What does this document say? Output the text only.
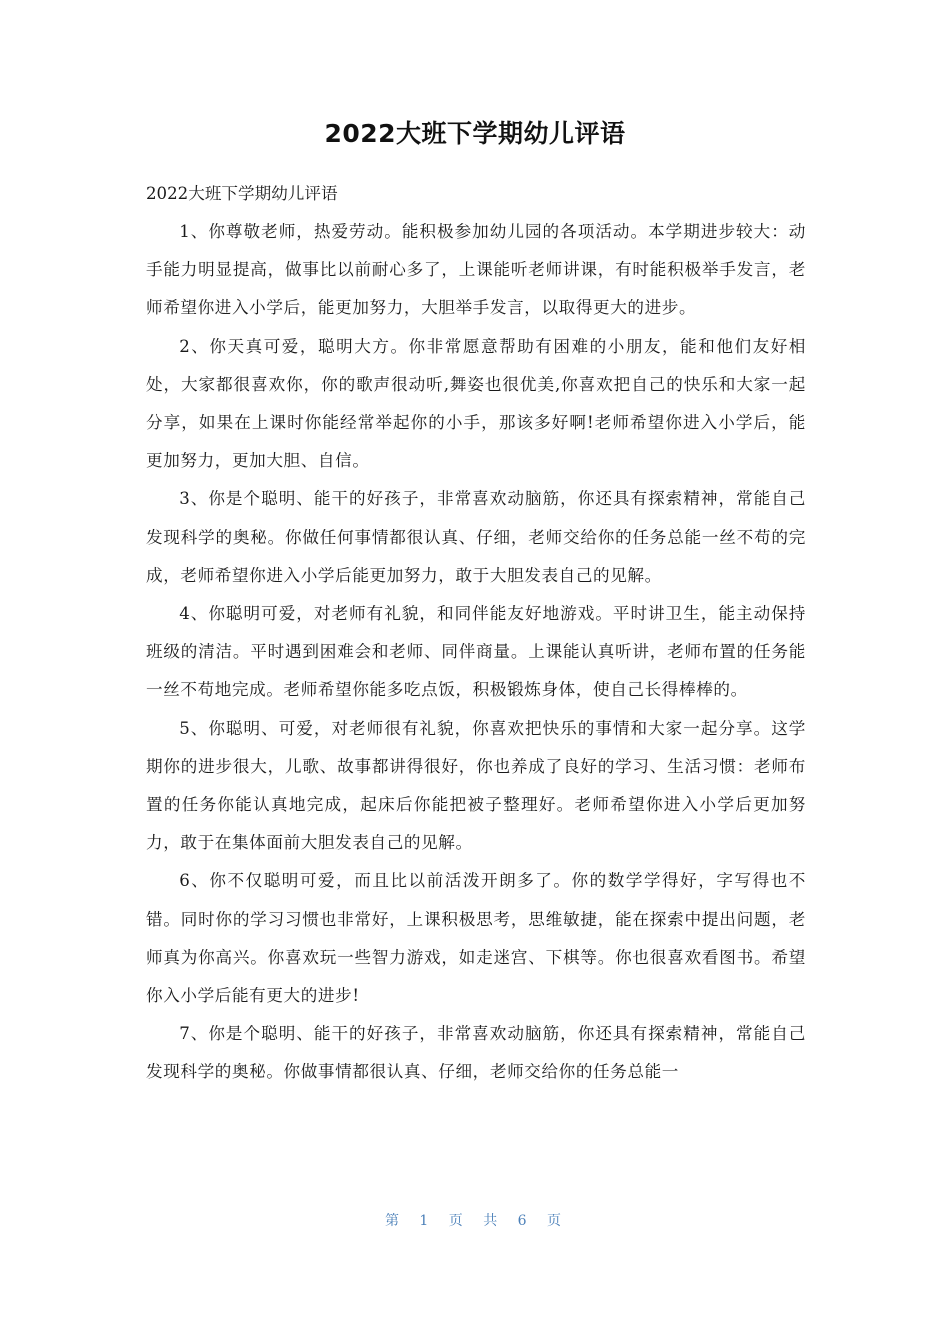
2022大班下学期幼儿评语

2022大班下学期幼儿评语

1、你尊敬老师，热爱劳动。能积极参加幼儿园的各项活动。本学期进步较大：动手能力明显提高，做事比以前耐心多了，上课能听老师讲课，有时能积极举手发言，老师希望你进入小学后，能更加努力，大胆举手发言，以取得更大的进步。

2、你天真可爱，聪明大方。你非常愿意帮助有困难的小朋友，能和他们友好相处，大家都很喜欢你，你的歌声很动听,舞姿也很优美,你喜欢把自己的快乐和大家一起分享，如果在上课时你能经常举起你的小手，那该多好啊!老师希望你进入小学后，能更加努力，更加大胆、自信。

3、你是个聪明、能干的好孩子，非常喜欢动脑筋，你还具有探索精神，常能自己发现科学的奥秘。你做任何事情都很认真、仔细，老师交给你的任务总能一丝不苟的完成，老师希望你进入小学后能更加努力，敢于大胆发表自己的见解。

4、你聪明可爱，对老师有礼貌，和同伴能友好地游戏。平时讲卫生，能主动保持班级的清洁。平时遇到困难会和老师、同伴商量。上课能认真听讲，老师布置的任务能一丝不苟地完成。老师希望你能多吃点饭，积极锻炼身体，使自己长得棒棒的。

5、你聪明、可爱，对老师很有礼貌，你喜欢把快乐的事情和大家一起分享。这学期你的进步很大，儿歌、故事都讲得很好，你也养成了良好的学习、生活习惯：老师布置的任务你能认真地完成，起床后你能把被子整理好。老师希望你进入小学后更加努力，敢于在集体面前大胆发表自己的见解。

6、你不仅聪明可爱，而且比以前活泼开朗多了。你的数学学得好，字写得也不错。同时你的学习习惯也非常好，上课积极思考，思维敏捷，能在探索中提出问题，老师真为你高兴。你喜欢玩一些智力游戏，如走迷宫、下棋等。你也很喜欢看图书。希望你入小学后能有更大的进步!

7、你是个聪明、能干的好孩子，非常喜欢动脑筋，你还具有探索精神，常能自己发现科学的奥秘。你做事情都很认真、仔细，老师交给你的任务总能一

第 1 页 共 6 页
